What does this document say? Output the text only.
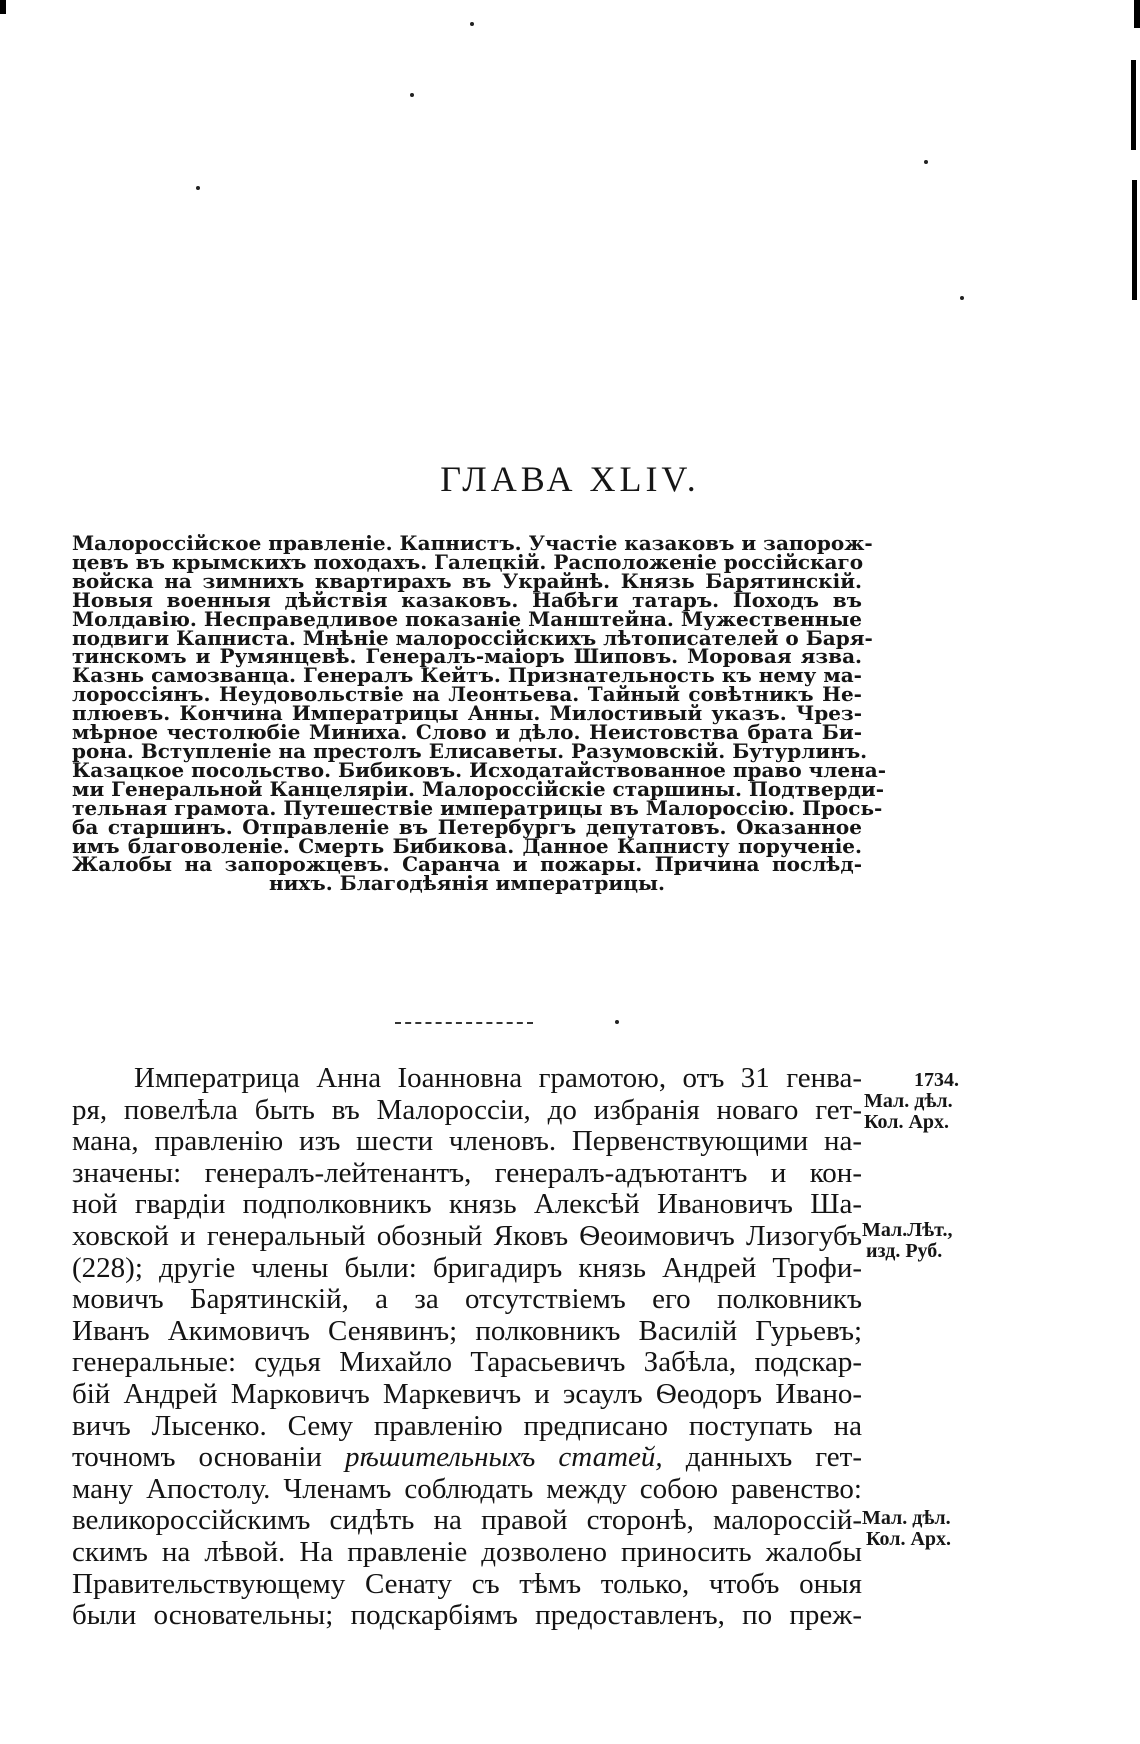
ГЛАВА XLIV.
Малороссійское правленіе. Капнистъ. Участіе казаковъ и запорож-
цевъ въ крымскихъ походахъ. Галецкій. Расположеніе россійскаго
войска на зимнихъ квартирахъ въ Украйнѣ. Князь Барятинскій.
Новыя военныя дѣйствія казаковъ. Набѣги татаръ. Походъ въ
Молдавію. Несправедливое показаніе Манштейна. Мужественные
подвиги Капниста. Мнѣніе малороссійскихъ лѣтописателей о Баря-
тинскомъ и Румянцевѣ. Генералъ-маіоръ Шиповъ. Моровая язва.
Казнь самозванца. Генералъ Кейтъ. Признательность къ нему ма-
лороссіянъ. Неудовольствіе на Леонтьева. Тайный совѣтникъ Не-
плюевъ. Кончина Императрицы Анны. Милостивый указъ. Чрез-
мѣрное честолюбіе Миниха. Слово и дѣло. Неистовства брата Би-
рона. Вступленіе на престолъ Елисаветы. Разумовскій. Бутурлинъ.
Казацкое посольство. Бибиковъ. Исходатайствованное право члена-
ми Генеральной Канцеляріи. Малороссійскіе старшины. Подтверди-
тельная грамота. Путешествіе императрицы въ Малороссію. Прось-
ба старшинъ. Отправленіе въ Петербургъ депутатовъ. Оказанное
имъ благоволеніе. Смерть Бибикова. Данное Капнисту порученіе.
Жалобы на запорожцевъ. Саранча и пожары. Причина послѣд-
нихъ. Благодѣянія императрицы.
Императрица Анна Іоанновна грамотою, отъ 31 генва-
ря, повелѣла быть въ Малороссіи, до избранія новаго гет-
мана, правленію изъ шести членовъ. Первенствующими на-
значены: генералъ-лейтенантъ, генералъ-адъютантъ и кон-
ной гвардіи подполковникъ князь Алексѣй Ивановичъ Ша-
ховской и генеральный обозный Яковъ Ѳеоимовичъ Лизогубъ
(228); другіе члены были: бригадиръ князь Андрей Трофи-
мовичъ Барятинскій, а за отсутствіемъ его полковникъ
Иванъ Акимовичъ Сенявинъ; полковникъ Василій Гурьевъ;
генеральные: судья Михайло Тарасьевичъ Забѣла, подскар-
бій Андрей Марковичъ Маркевичъ и эсаулъ Ѳеодоръ Ивано-
вичъ Лысенко. Сему правленію предписано поступать на
точномъ основаніи рѣшительныхъ статей, данныхъ гет-
ману Апостолу. Членамъ соблюдать между собою равенство:
великороссійскимъ сидѣть на правой сторонѣ, малороссій-
скимъ на лѣвой. На правленіе дозволено приносить жалобы
Правительствующему Сенату съ тѣмъ только, чтобъ оныя
были основательны; подскарбіямъ предоставленъ, по преж-
1734.
Мал. дѣл.
Кол. Арх.
Мал.Лѣт.,
изд. Руб.
Мал. дѣл.
Кол. Арх.
